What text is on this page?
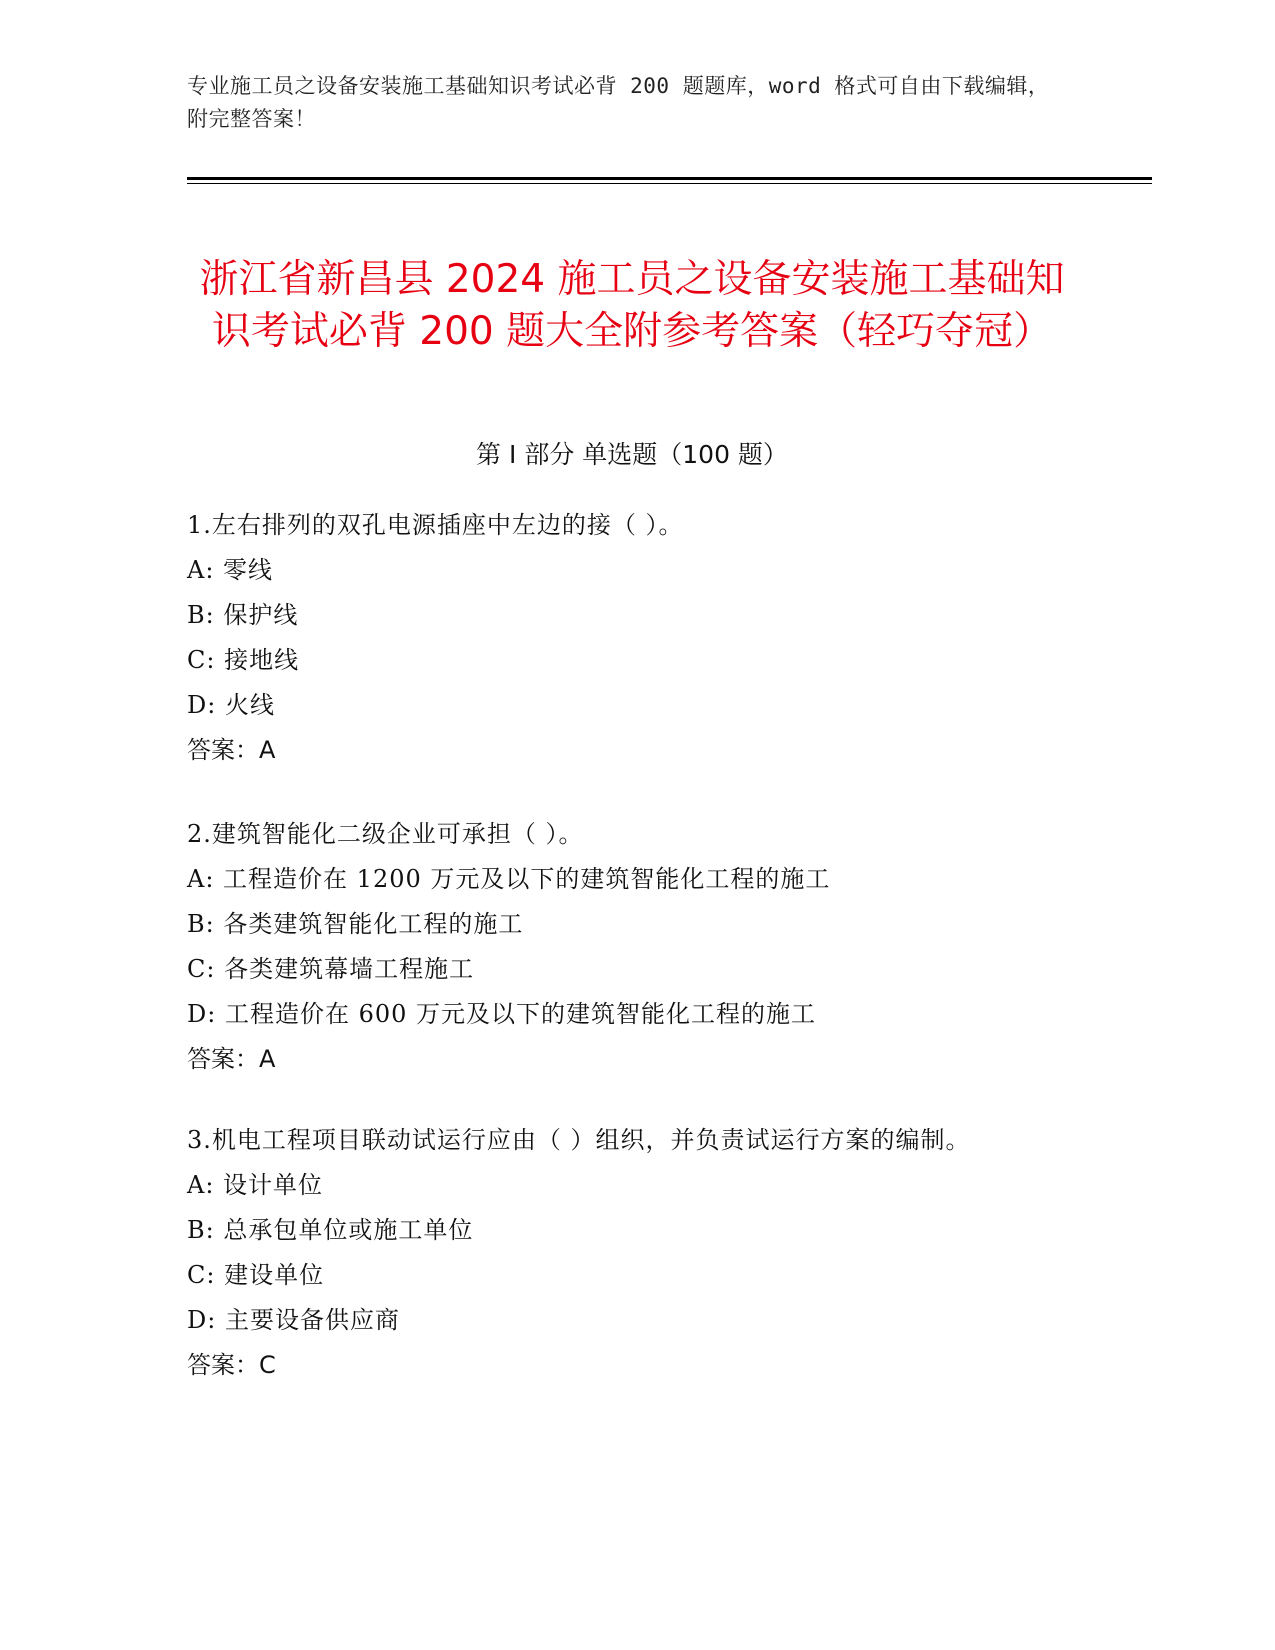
专业施工员之设备安装施工基础知识考试必背 200 题题库，word 格式可自由下载编辑，附完整答案！
浙江省新昌县 2024 施工员之设备安装施工基础知识考试必背 200 题大全附参考答案（轻巧夺冠）
第 I 部分 单选题（100 题）

1.左右排列的双孔电源插座中左边的接（ ）。

A: 零线

B: 保护线

C: 接地线

D: 火线

答案：A

2.建筑智能化二级企业可承担（ ）。

A: 工程造价在 1200 万元及以下的建筑智能化工程的施工

B: 各类建筑智能化工程的施工

C: 各类建筑幕墙工程施工

D: 工程造价在 600 万元及以下的建筑智能化工程的施工

答案：A

3.机电工程项目联动试运行应由（ ）组织，并负责试运行方案的编制。

A: 设计单位

B: 总承包单位或施工单位

C: 建设单位

D: 主要设备供应商

答案：C
